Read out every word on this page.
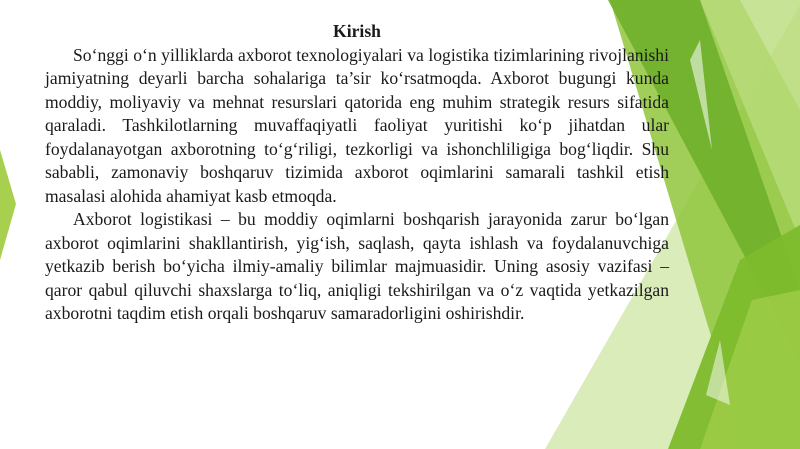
Kirish

So‘nggi o‘n yilliklarda axborot texnologiyalari va logistika tizimlarining rivojlanishi jamiyatning deyarli barcha sohalariga ta’sir ko‘rsatmoqda. Axborot bugungi kunda moddiy, moliyaviy va mehnat resurslari qatorida eng muhim strategik resurs sifatida qaraladi. Tashkilotlarning muvaffaqiyatli faoliyat yuritishi ko‘p jihatdan ular foydalanayotgan axborotning to‘g‘riligi, tezkorligi va ishonchliligiga bog‘liqdir. Shu sababli, zamonaviy boshqaruv tizimida axborot oqimlarini samarali tashkil etish masalasi alohida ahamiyat kasb etmoqda.

Axborot logistikasi – bu moddiy oqimlarni boshqarish jarayonida zarur bo‘lgan axborot oqimlarini shakllantirish, yig‘ish, saqlash, qayta ishlash va foydalanuvchiga yetkazib berish bo‘yicha ilmiy-amaliy bilimlar majmuasidir. Uning asosiy vazifasi – qaror qabul qiluvchi shaxslarga to‘liq, aniqligi tekshirilgan va o‘z vaqtida yetkazilgan axborotni taqdim etish orqali boshqaruv samaradorligini oshirishdir.
